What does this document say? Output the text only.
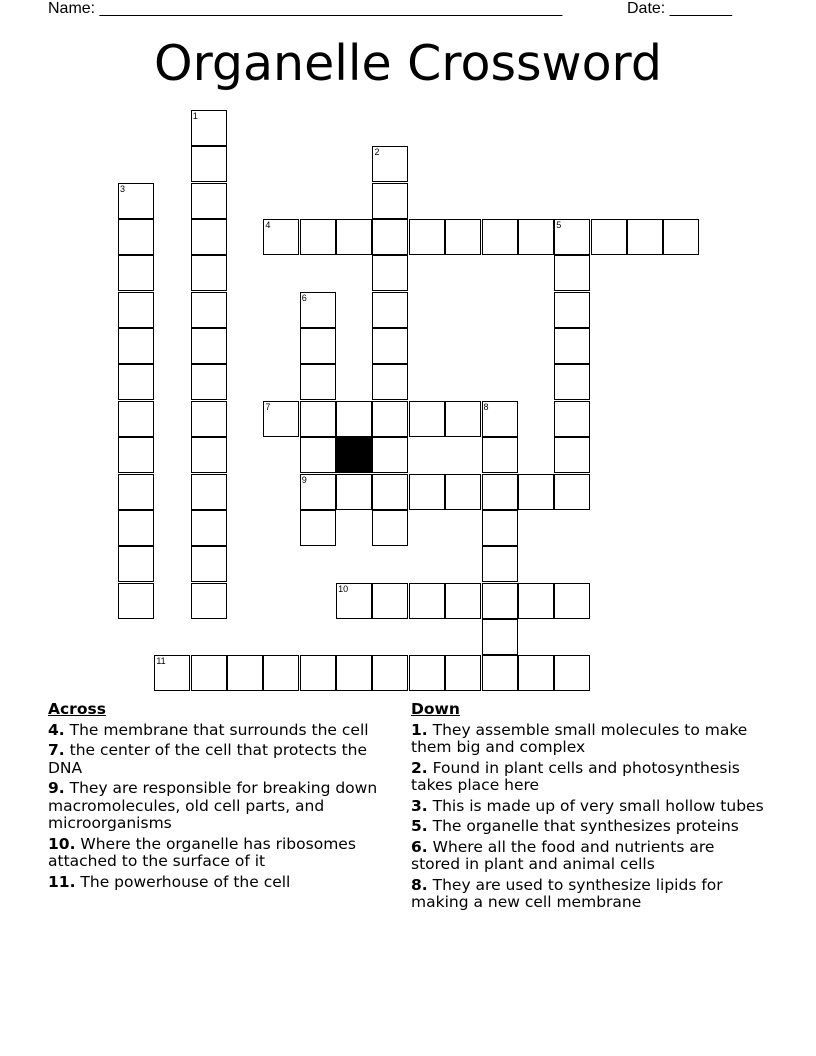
Name: ____________________________________________________

	Date: _______

Organelle Crossword
1
2
3
4	5
6
7	8
9
10
11
Across
4. The membrane that surrounds the cell
7. the center of the cell that protects the DNA
9. They are responsible for breaking down macromolecules, old cell parts, and microorganisms
10. Where the organelle has ribosomes attached to the surface of it
11. The powerhouse of the cell
Down
1. They assemble small molecules to make them big and complex
2. Found in plant cells and photosynthesis takes place here
3. This is made up of very small hollow tubes
5. The organelle that synthesizes proteins
6. Where all the food and nutrients are stored in plant and animal cells
8. They are used to synthesize lipids for making a new cell membrane
